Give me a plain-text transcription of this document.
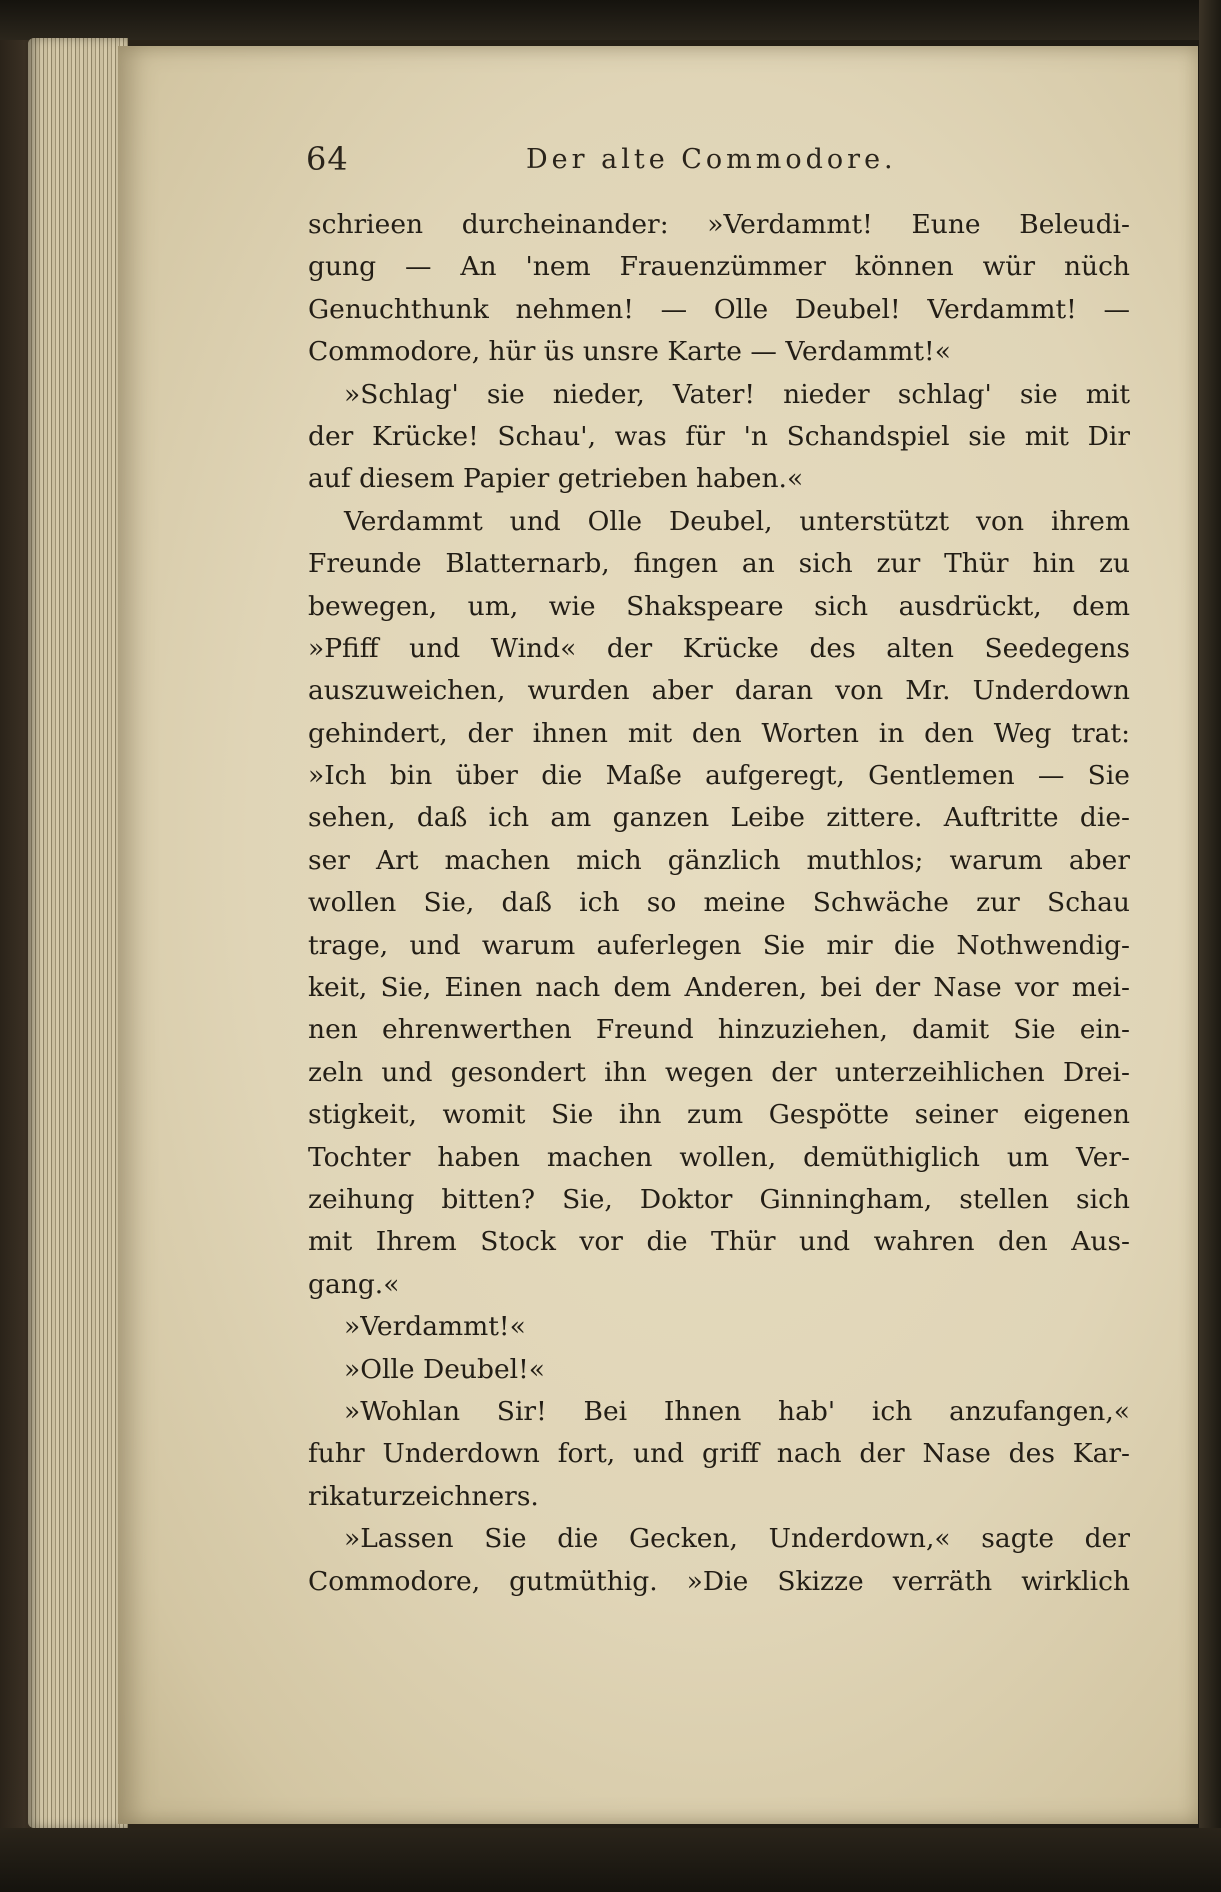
64	Der alte Commodore.
schrieen durcheinander: »Verdammt! Eune Beleudi-
gung — An 'nem Frauenzümmer können wür nüch
Genuchthunk nehmen! — Olle Deubel! Verdammt! —
Commodore, hür üs unsre Karte — Verdammt!«
»Schlag' sie nieder, Vater! nieder schlag' sie mit
der Krücke! Schau', was für 'n Schandspiel sie mit Dir
auf diesem Papier getrieben haben.«
Verdammt und Olle Deubel, unterstützt von ihrem
Freunde Blatternarb, fingen an sich zur Thür hin zu
bewegen, um, wie Shakspeare sich ausdrückt, dem
»Pfiff und Wind« der Krücke des alten Seedegens
auszuweichen, wurden aber daran von Mr. Underdown
gehindert, der ihnen mit den Worten in den Weg trat:
»Ich bin über die Maße aufgeregt, Gentlemen — Sie
sehen, daß ich am ganzen Leibe zittere. Auftritte die-
ser Art machen mich gänzlich muthlos; warum aber
wollen Sie, daß ich so meine Schwäche zur Schau
trage, und warum auferlegen Sie mir die Nothwendig-
keit, Sie, Einen nach dem Anderen, bei der Nase vor mei-
nen ehrenwerthen Freund hinzuziehen, damit Sie ein-
zeln und gesondert ihn wegen der unterzeihlichen Drei-
stigkeit, womit Sie ihn zum Gespötte seiner eigenen
Tochter haben machen wollen, demüthiglich um Ver-
zeihung bitten? Sie, Doktor Ginningham, stellen sich
mit Ihrem Stock vor die Thür und wahren den Aus-
gang.«
»Verdammt!«
»Olle Deubel!«
»Wohlan Sir! Bei Ihnen hab' ich anzufangen,«
fuhr Underdown fort, und griff nach der Nase des Kar-
rikaturzeichners.
»Lassen Sie die Gecken, Underdown,« sagte der
Commodore, gutmüthig. »Die Skizze verräth wirklich
